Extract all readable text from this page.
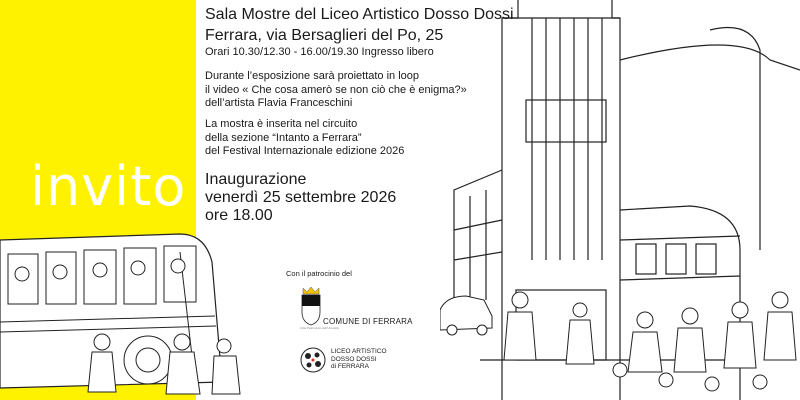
invito
Sala Mostre del Liceo Artistico Dosso Dossi
Ferrara, via Bersaglieri del Po, 25
Orari 10.30/12.30 - 16.00/19.30 Ingresso libero
Durante l’esposizione sarà proiettato in loop
il video « Che cosa amerò se non ciò che è enigma?»
dell’artista Flavia Franceschini
La mostra è inserita nel circuito
della sezione “Intanto a Ferrara”
del Festival Internazionale edizione 2026
Inaugurazione
venerdì 25 settembre 2026
ore 18.00
Con il patrocinio del
COMUNE DI FERRARA
Città Patrimonio dell’Umanità
LICEO ARTISTICO
DOSSO DOSSI
di FERRARA
